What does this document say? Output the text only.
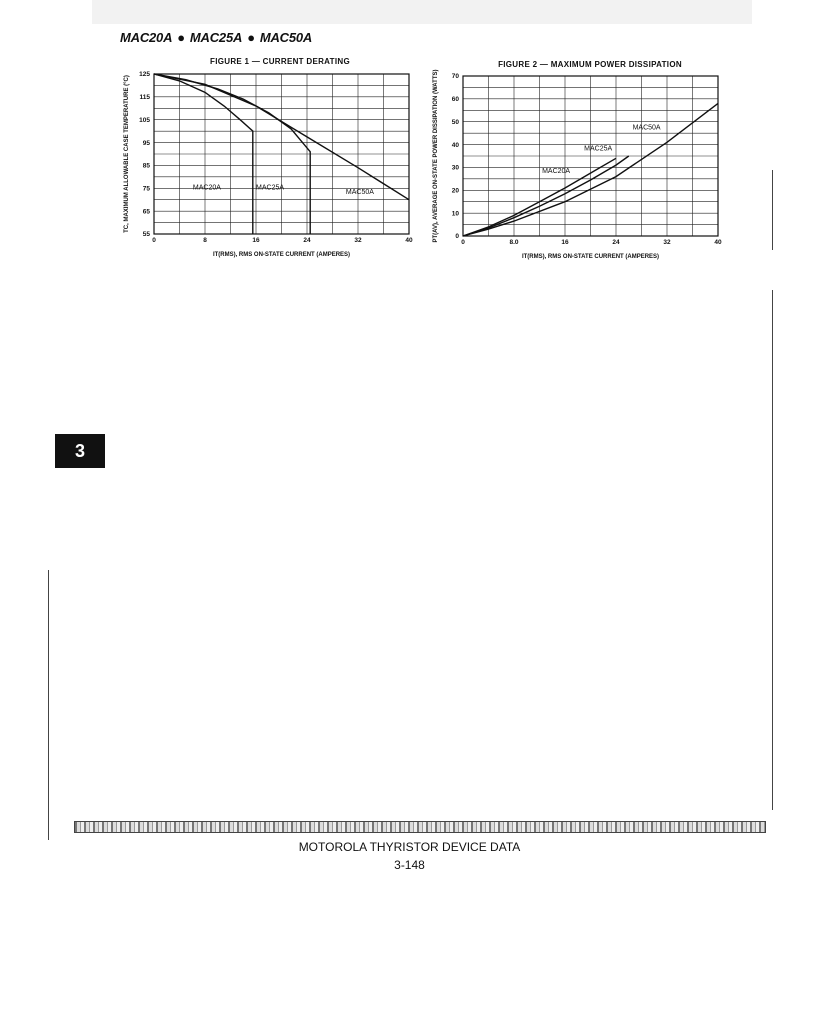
MAC20A ● MAC25A ● MAC50A
FIGURE 1 — CURRENT DERATING	FIGURE 2 — MAXIMUM POWER DISSIPATION
0	8	16	24	32	40
55
65
75
85
95
105
115
125
IT(RMS), RMS ON-STATE CURRENT (AMPERES)
TC, MAXIMUM ALLOWABLE CASE TEMPERATURE (°C)	MAC20A	MAC25A
MAC50A
0	8.0	16	24	32	40
0
10
20
30
40
50
60
70
IT(RMS), RMS ON-STATE CURRENT (AMPERES)
PT(AV), AVERAGE ON-STATE POWER DISSIPATION (WATTS)	MAC20A
MAC25A
MAC50A
3
MOTOROLA THYRISTOR DEVICE DATA
3-148
